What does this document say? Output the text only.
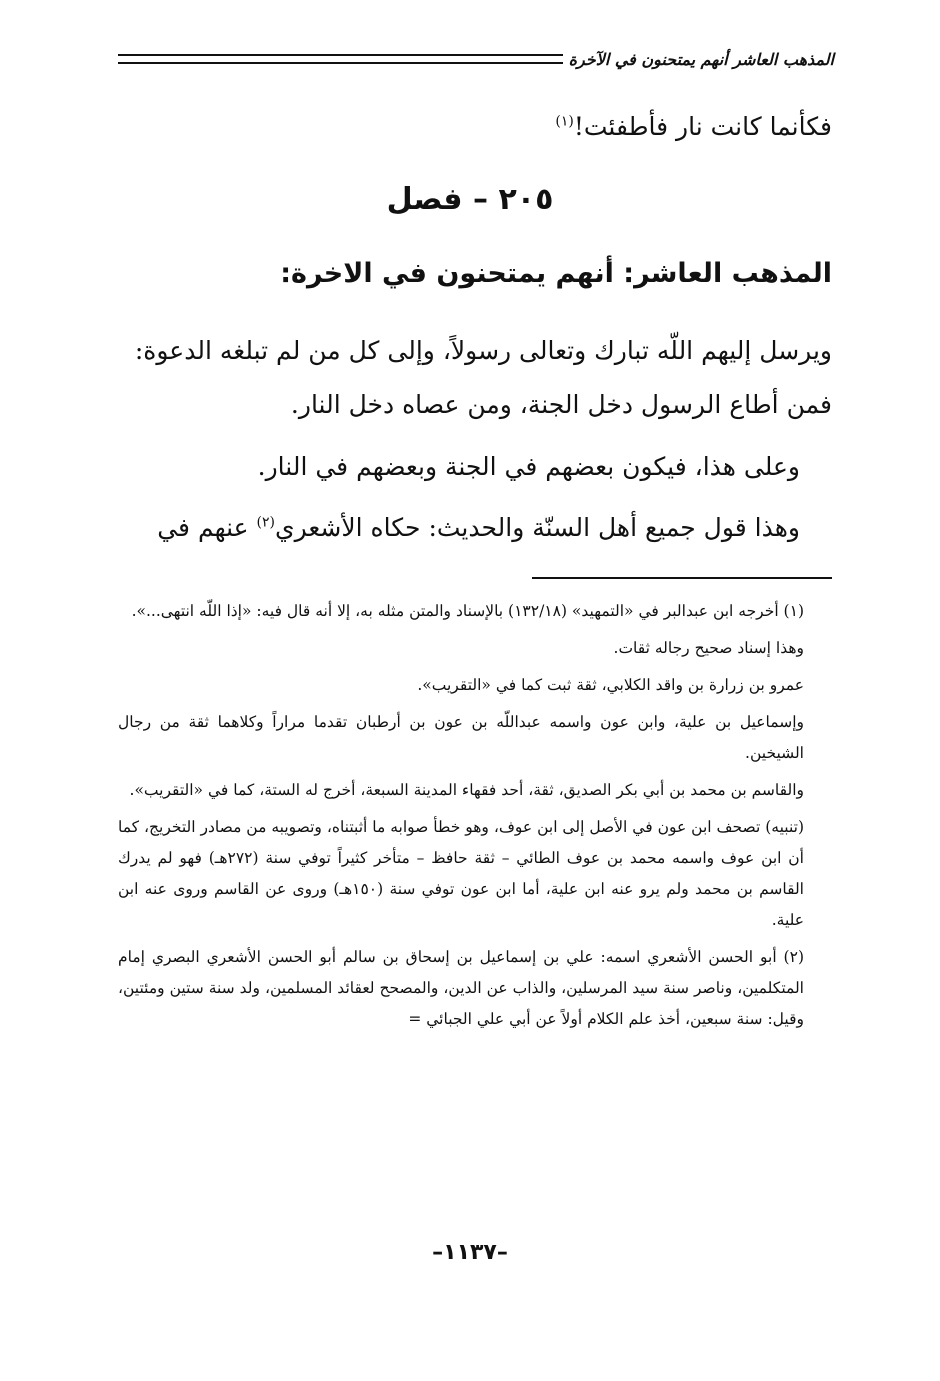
المذهب العاشر أنهم يمتحنون في الآخرة
فكأنما كانت نار فأطفئت!$^{(١)}$
٢٠٥ – فصل
المذهب العاشر: أنهم يمتحنون في الاخرة:
ويرسل إليهم اللّه تبارك وتعالى رسولاً، وإلى كل من لم تبلغه الدعوة:
فمن أطاع الرسول دخل الجنة، ومن عصاه دخل النار.
وعلى هذا، فيكون بعضهم في الجنة وبعضهم في النار.
وهذا قول جميع أهل السنّة والحديث: حكاه الأشعري$^{(٢)}$ عنهم في

(١) أخرجه ابن عبدالبر في «التمهيد» (١٣٢/١٨) بالإسناد والمتن مثله به، إلا أنه قال فيه: «إذا اللّه انتهى...».

وهذا إسناد صحيح رجاله ثقات.

عمرو بن زرارة بن واقد الكلابي، ثقة ثبت كما في «التقريب».

وإسماعيل بن علية، وابن عون واسمه عبداللّه بن عون بن أرطبان تقدما مراراً وكلاهما ثقة من رجال الشيخين.

والقاسم بن محمد بن أبي بكر الصديق، ثقة، أحد فقهاء المدينة السبعة، أخرج له الستة، كما في «التقريب».

(تنبيه) تصحف ابن عون في الأصل إلى ابن عوف، وهو خطأ صوابه ما أثبتناه، وتصويبه من مصادر التخريج، كما أن ابن عوف واسمه محمد بن عوف الطائي – ثقة حافظ – متأخر كثيراً توفي سنة (٢٧٢هـ) فهو لم يدرك القاسم بن محمد ولم يرو عنه ابن علية، أما ابن عون توفي سنة (١٥٠هـ) وروى عن القاسم وروى عنه ابن علية.

(٢) أبو الحسن الأشعري اسمه: علي بن إسماعيل بن إسحاق بن سالم أبو الحسن الأشعري البصري إمام المتكلمين، وناصر سنة سيد المرسلين، والذاب عن الدين، والمصحح لعقائد المسلمين، ولد سنة ستين ومئتين، وقيل: سنة سبعين، أخذ علم الكلام أولاً عن أبي علي الجبائي =

–١١٣٧–
